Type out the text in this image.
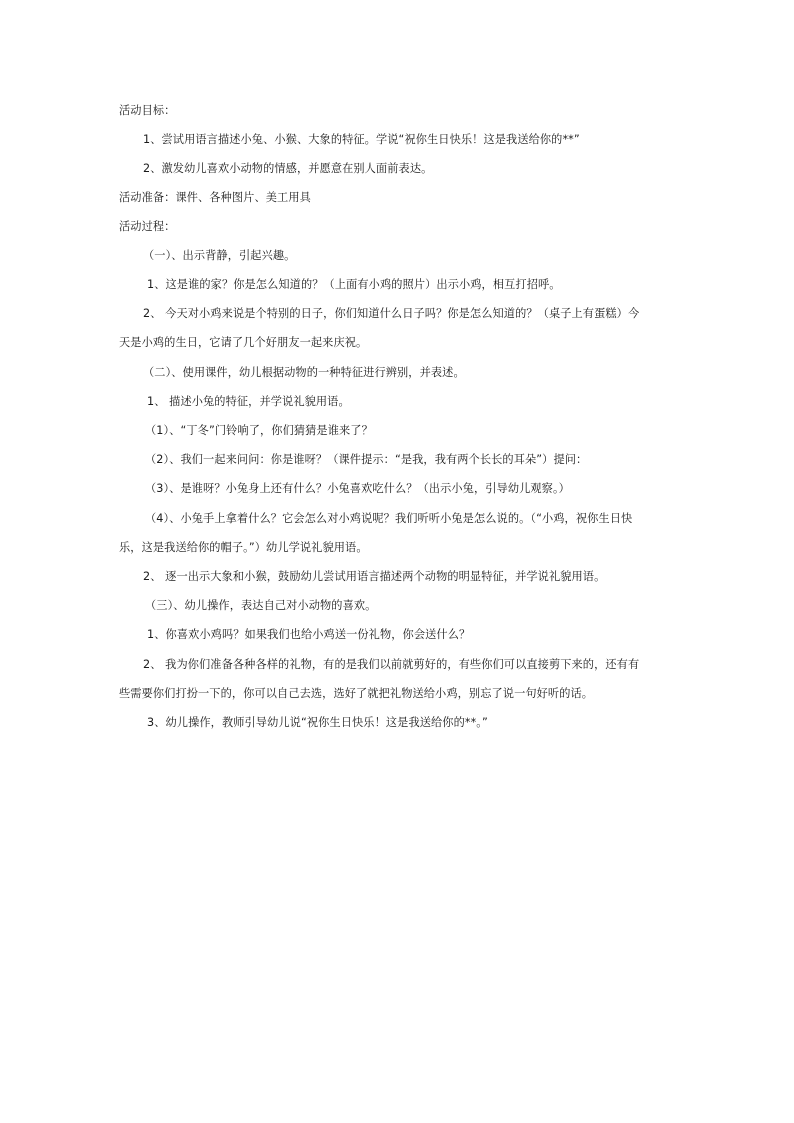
活动目标：
1、尝试用语言描述小兔、小猴、大象的特征。学说“祝你生日快乐！这是我送给你的**”
2、激发幼儿喜欢小动物的情感，并愿意在别人面前表达。
活动准备：课件、各种图片、美工用具
活动过程：
（一）、出示背静，引起兴趣。
1、这是谁的家？你是怎么知道的？（上面有小鸡的照片）出示小鸡，相互打招呼。
2、 今天对小鸡来说是个特别的日子，你们知道什么日子吗？你是怎么知道的？（桌子上有蛋糕）今
天是小鸡的生日，它请了几个好朋友一起来庆祝。
（二）、使用课件，幼儿根据动物的一种特征进行辨别，并表述。
1、 描述小兔的特征，并学说礼貌用语。
（1）、“丁冬”门铃响了，你们猜猜是谁来了？
（2）、我们一起来问问：你是谁呀？（课件提示：“是我，我有两个长长的耳朵”）提问：
（3）、是谁呀？小兔身上还有什么？小兔喜欢吃什么？（出示小兔，引导幼儿观察。）
（4）、小兔手上拿着什么？它会怎么对小鸡说呢？我们听听小兔是怎么说的。（“小鸡，祝你生日快
乐，这是我送给你的帽子。”）幼儿学说礼貌用语。
2、 逐一出示大象和小猴，鼓励幼儿尝试用语言描述两个动物的明显特征，并学说礼貌用语。
（三）、幼儿操作，表达自己对小动物的喜欢。
1、你喜欢小鸡吗？如果我们也给小鸡送一份礼物，你会送什么？
2、 我为你们准备各种各样的礼物，有的是我们以前就剪好的，有些你们可以直接剪下来的，还有有
些需要你们打扮一下的，你可以自己去选，选好了就把礼物送给小鸡，别忘了说一句好听的话。
3、幼儿操作，教师引导幼儿说“祝你生日快乐！这是我送给你的**。”
